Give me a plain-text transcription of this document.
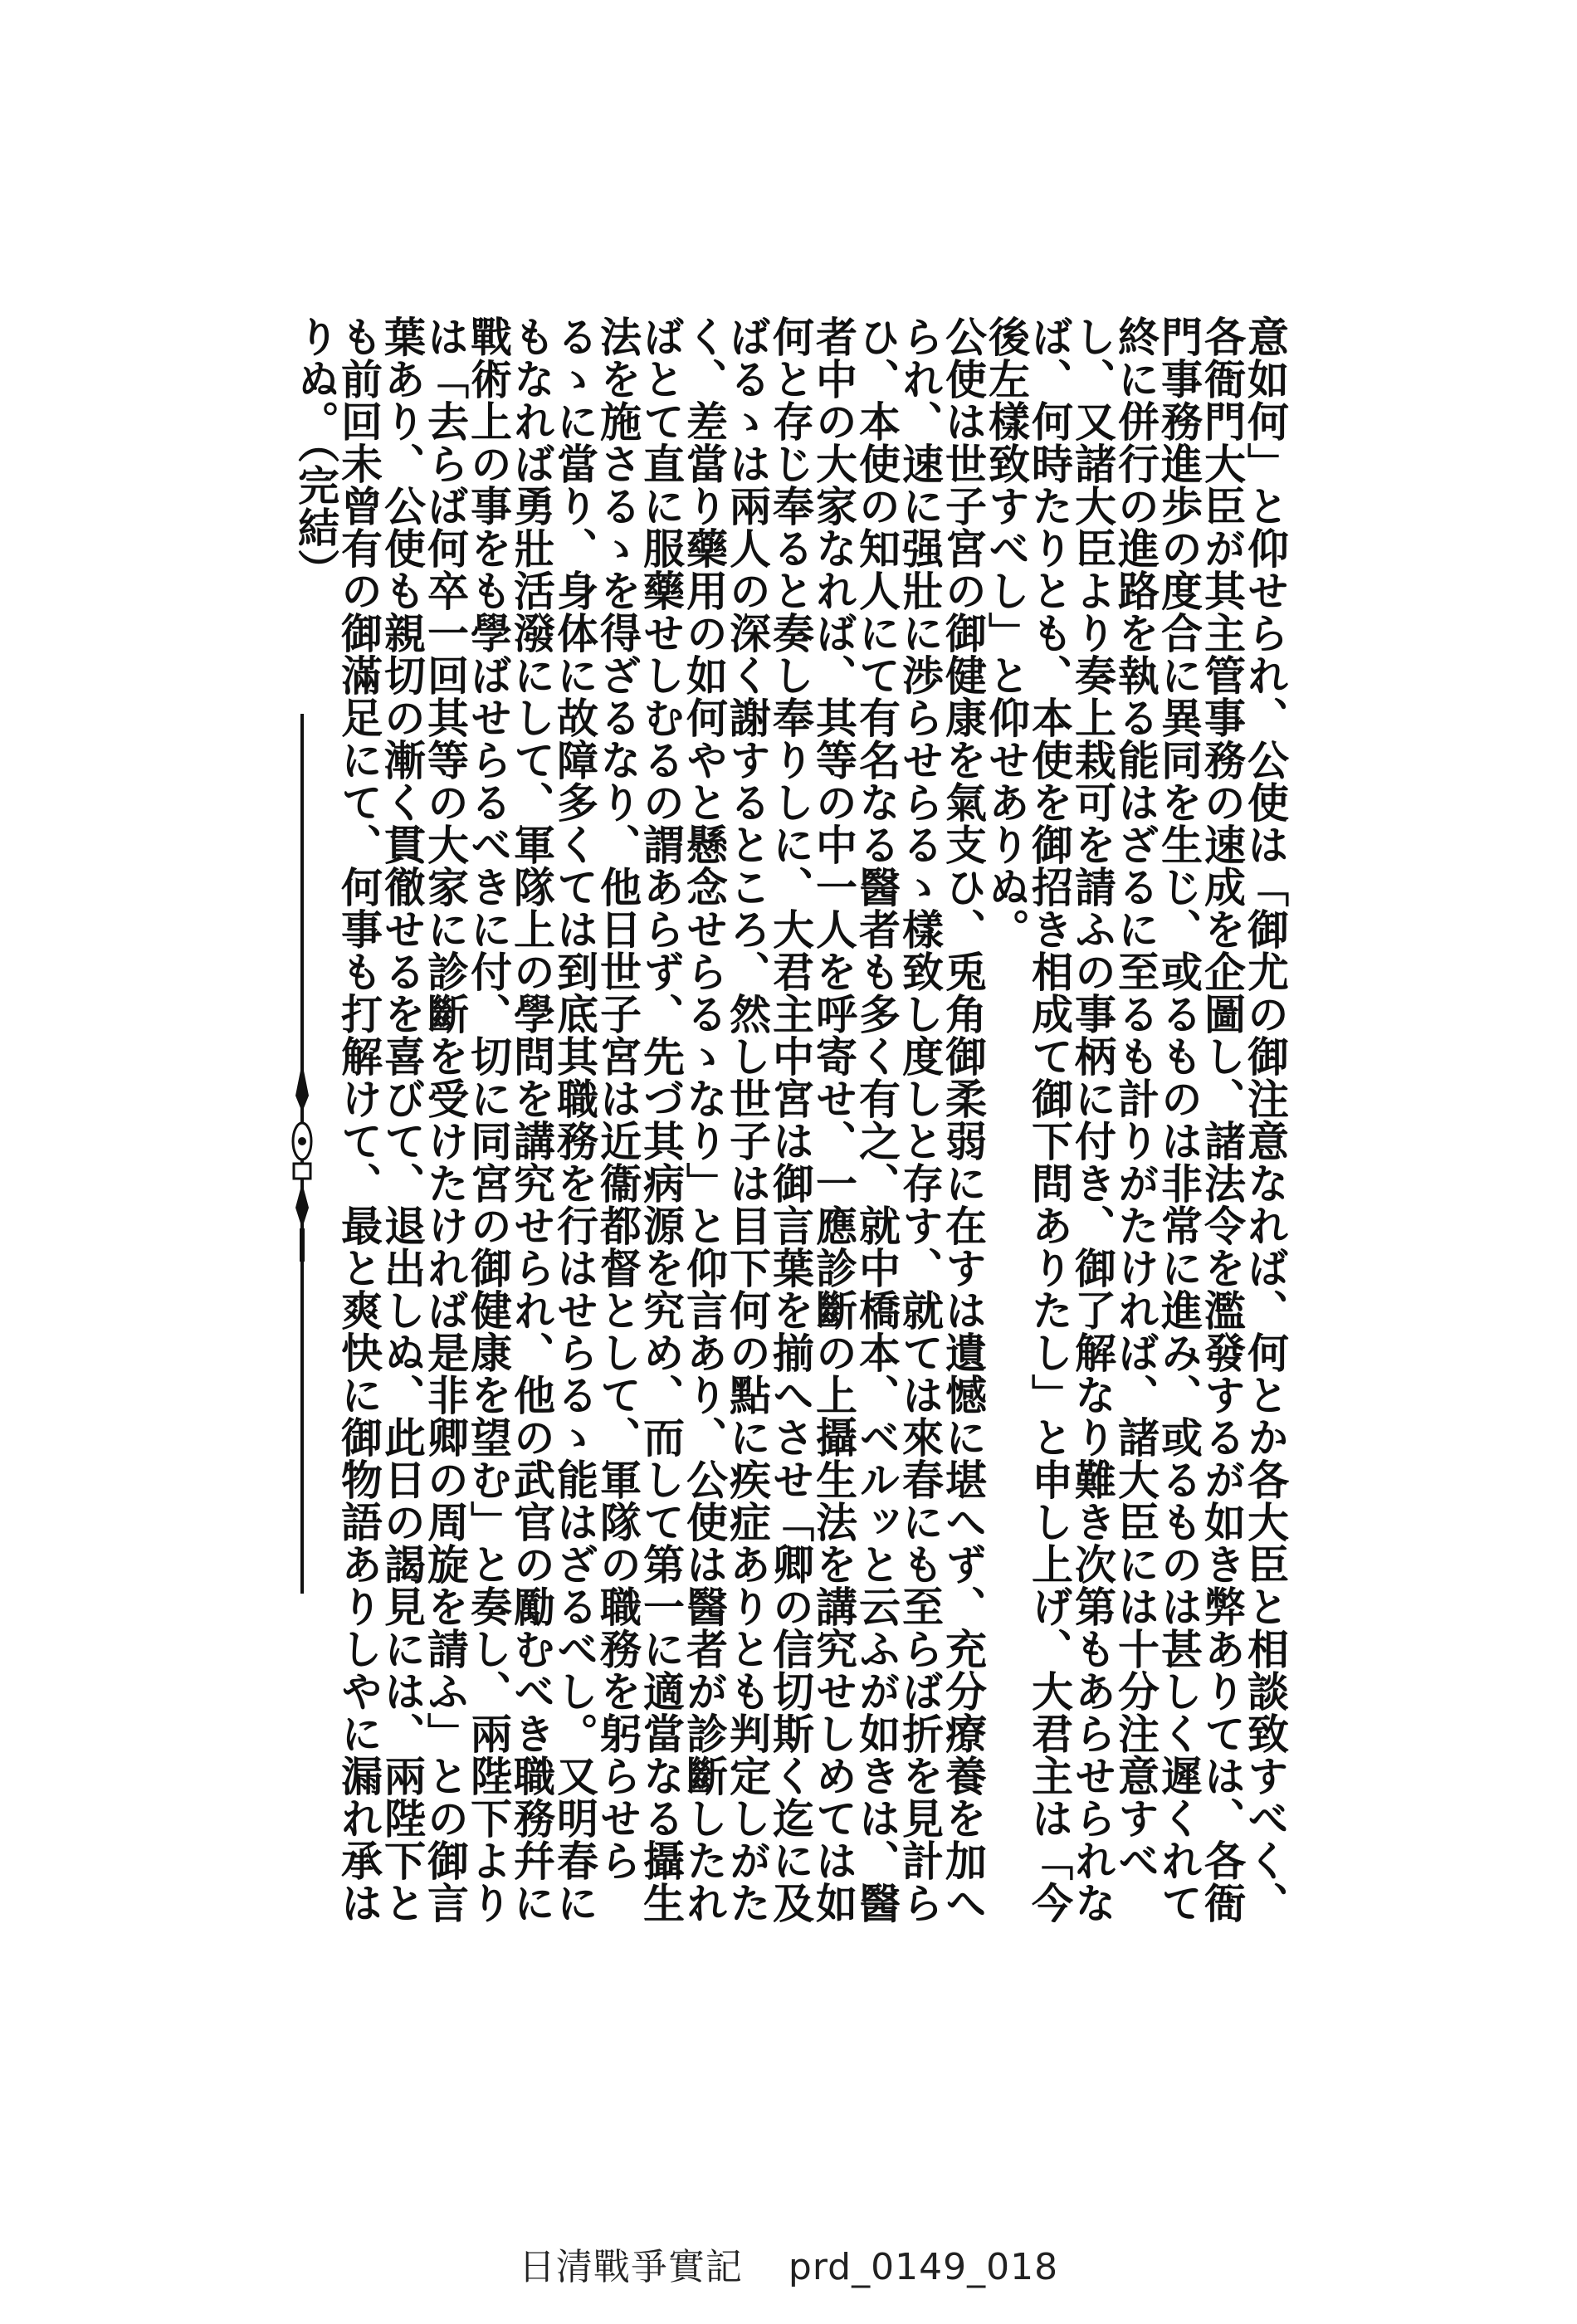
意如何」と仰せられ、公使は「御尤の御注意なれば、何とか各大臣と相談致すべく、各衙門大臣が其主管事務の速成を企圖し、諸法令を濫發するが如き弊ありては、各衙門事務進歩の度合に異同を生じ、或るものは非常に進み、或るものは甚しく遲くれて終に併行の進路を執る能はざるに至るも計りがたければ、諸大臣には十分注意すべし、又諸大臣より奏上栽可を請ふの事柄に付き、御了解なり難き次第もあらせられなば、何時たりとも、本使を御招き相成て御下問ありたし」と申し上げ、大君主は「今後左樣致すべし」と仰せありぬ。

公使は世子宮の御健康を氣支ひ、兎角御柔弱に在すは遺憾に堪へず、充分療養を加へられ、速に强壯に渉らせらるゝ樣致し度しと存す、就ては來春にも至らば折を見計らひ、本使の知人にて有名なる醫者も多く有之、就中橋本、ベルッと云ふが如きは、醫者中の大家なれば、其等の中一人を呼寄せ、一應診斷の上攝生法を講究せしめては如何と存じ奉ると奏し奉りしに、大君主中宮は御言葉を揃へさせ「卿の信切斯く迄に及ばるゝは兩人の深く謝するところ、然し世子は目下何の點に疾症ありとも判定しがたく、差當り藥用の如何やと懸念せらるゝなり」と仰言あり、公使は醫者が診斷したればとて直に服藥せしむるの謂あらず、先づ其病源を究め、而して第一に適當なる攝生法を施さるゝを得ざるなり、他日世子宮は近衞都督として、軍隊の職務を躬らせらるゝに當り、身体に故障多くては到底其職務を行はせらるゝ能はざるべし。又明春にもなれば勇壯活潑にして、軍隊上の學問を講究せられ、他の武官の勵むべき職務幷に戰術上の事をも學ばせらるべきに付、切に同宮の御健康を望む」と奏し、兩陛下よりは「去らば何卒一回其等の大家に診斷を受けたければ是非卿の周旋を請ふ」との御言葉あり、公使も親切の漸く貫徹せるを喜びて、退出しぬ、此日の謁見には、兩陛下とも前回未曾有の御滿足にて、何事も打解けて、最と爽快に御物語ありしやに漏れ承はりぬ。（完結）

日清戰爭實記 prd_0149_018
